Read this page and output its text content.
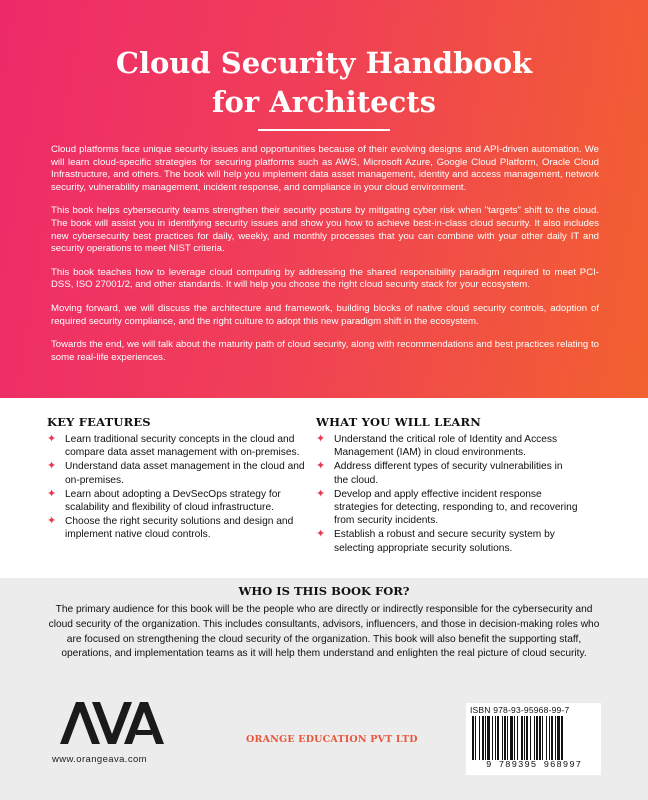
Cloud Security Handbook
for Architects

Cloud platforms face unique security issues and opportunities because of their evolving designs and API-driven automation. We will learn cloud-specific strategies for securing platforms such as AWS, Microsoft Azure, Google Cloud Platform, Oracle Cloud Infrastructure, and others. The book will help you implement data asset management, identity and access management, network security, vulnerability management, incident response, and compliance in your cloud environment.

This book helps cybersecurity teams strengthen their security posture by mitigating cyber risk when "targets" shift to the cloud. The book will assist you in identifying security issues and show you how to achieve best-in-class cloud security. It also includes new cybersecurity best practices for daily, weekly, and monthly processes that you can combine with your other daily IT and security operations to meet NIST criteria.

This book teaches how to leverage cloud computing by addressing the shared responsibility paradigm required to meet PCI-DSS, ISO 27001/2, and other standards. It will help you choose the right cloud security stack for your ecosystem.

Moving forward, we will discuss the architecture and framework, building blocks of native cloud security controls, adoption of required security compliance, and the right culture to adopt this new paradigm shift in the ecosystem.

Towards the end, we will talk about the maturity path of cloud security, along with recommendations and best practices relating to some real-life experiences.

KEY FEATURES
✦ Learn traditional security concepts in the cloud and compare data asset management with on-premises.
✦ Understand data asset management in the cloud and on-premises.
✦ Learn about adopting a DevSecOps strategy for scalability and flexibility of cloud infrastructure.
✦ Choose the right security solutions and design and implement native cloud controls.
WHAT YOU WILL LEARN
✦ Understand the critical role of Identity and Access Management (IAM) in cloud environments.
✦ Address different types of security vulnerabilities in the cloud.
✦ Develop and apply effective incident response strategies for detecting, responding to, and recovering from security incidents.
✦ Establish a robust and secure security system by selecting appropriate security solutions.
WHO IS THIS BOOK FOR?

The primary audience for this book will be the people who are directly or indirectly responsible for the cybersecurity and cloud security of the organization. This includes consultants, advisors, influencers, and those in decision-making roles who are focused on strengthening the cloud security of the organization. This book will also benefit the supporting staff, operations, and implementation teams as it will help them understand and enlighten the real picture of cloud security.

www.orangeava.com
ORANGE EDUCATION PVT LTD
ISBN 978-93-95968-99-7
9 789395 968997
